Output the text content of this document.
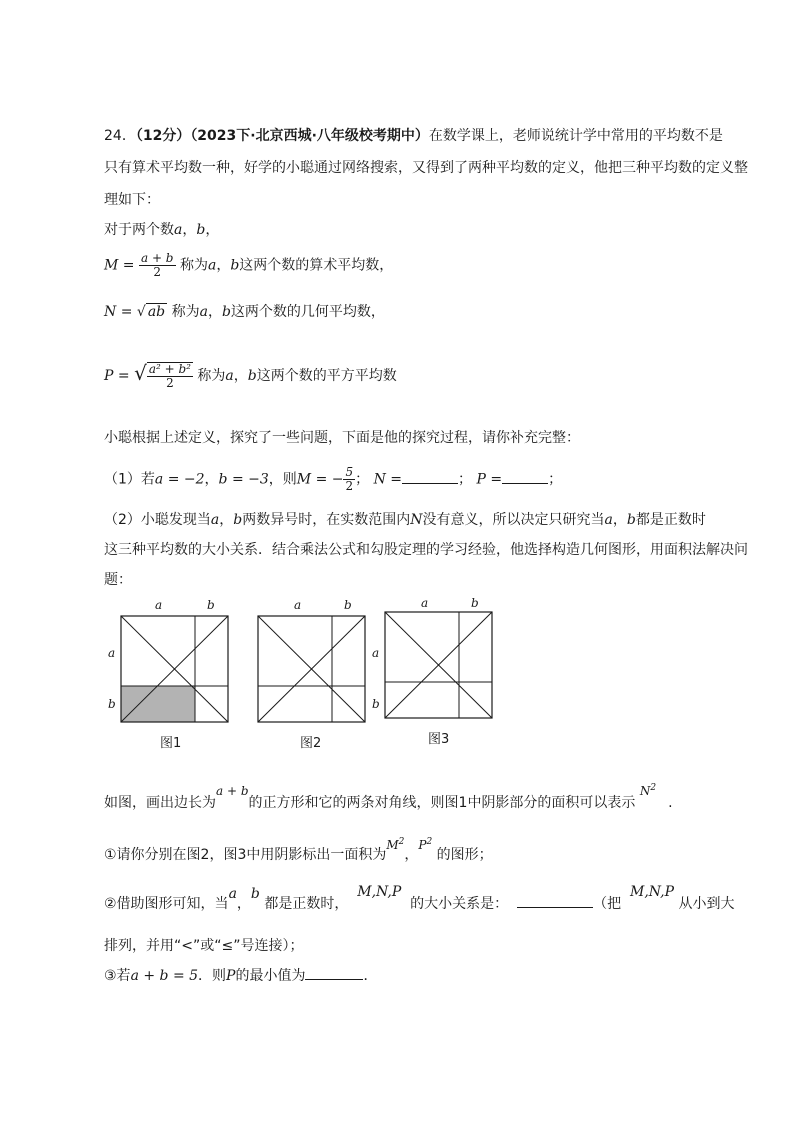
24．（12分）（2023下·北京西城·八年级校考期中）在数学课上，老师说统计学中常用的平均数不是
只有算术平均数一种，好学的小聪通过网络搜索，又得到了两种平均数的定义，他把三种平均数的定义整
理如下：
对于两个数a，b，
$M = \frac{a + b}{2}$ 称为a，b这两个数的算术平均数，
N = √ ab 称为a，b这两个数的几何平均数，
P = √ $\frac{\text{a² + b²}}{2}$ 称为a，b这两个数的平方平均数
小聪根据上述定义，探究了一些问题，下面是他的探究过程，请你补充完整：
（1）若a = −2，b = −3，则M = − $\frac{5}{2}$ ； N =	； P =	；
（2）小聪发现当a，b两数异号时，在实数范围内N没有意义，所以决定只研究当a，b都是正数时
这三种平均数的大小关系．结合乘法公式和勾股定理的学习经验，他选择构造几何图形，用面积法解决问
题：
a	b
a
b
图1
a	b
a
b
图2
a	b
图3
如图，画出边长为a + b的正方形和它的两条对角线，则图1中阴影部分的面积可以表示 $N^2$.
①请你分别在图2，图3中用阴影标出一面积为$M^2$，$P^2$ 的图形；
②借助图形可知，当a，b 都是正数时，  M,N,P  的大小关系是：	（把  M,N,P 从小到大
排列，并用“<”或“≤”号连接）；
③若a + b = 5．则P的最小值为	．
